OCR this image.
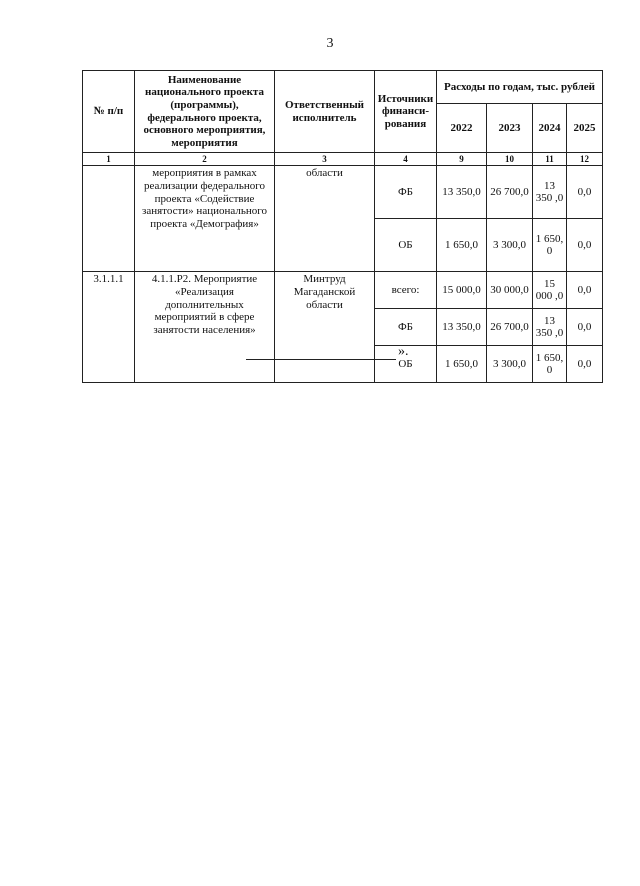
3
№ п/п	Наименование национального проекта (программы), федерального проекта, основного мероприятия, мероприятия	Ответственный исполнитель	Источники финанси-рования	Расходы по годам, тыс. рублей			
				2022	2023	2024	2025
1	2	3	4	9	10	11	12
	мероприятия в рамках реализации федерального проекта «Содействие занятости» национального проекта «Демография»	области	ФБ	13 350,0	26 700,0	13 350 ,0	0,0
			ОБ	1 650,0	3 300,0	1 650, 0	0,0
3.1.1.1	4.1.1.Р2. Мероприятие «Реализация дополнительных мероприятий в сфере занятости населения»	Минтруд Магаданской области	всего:	15 000,0	30 000,0	15 000 ,0	0,0
			ФБ	13 350,0	26 700,0	13 350 ,0	0,0
			ОБ	1 650,0	3 300,0	1 650, 0	0,0
».
